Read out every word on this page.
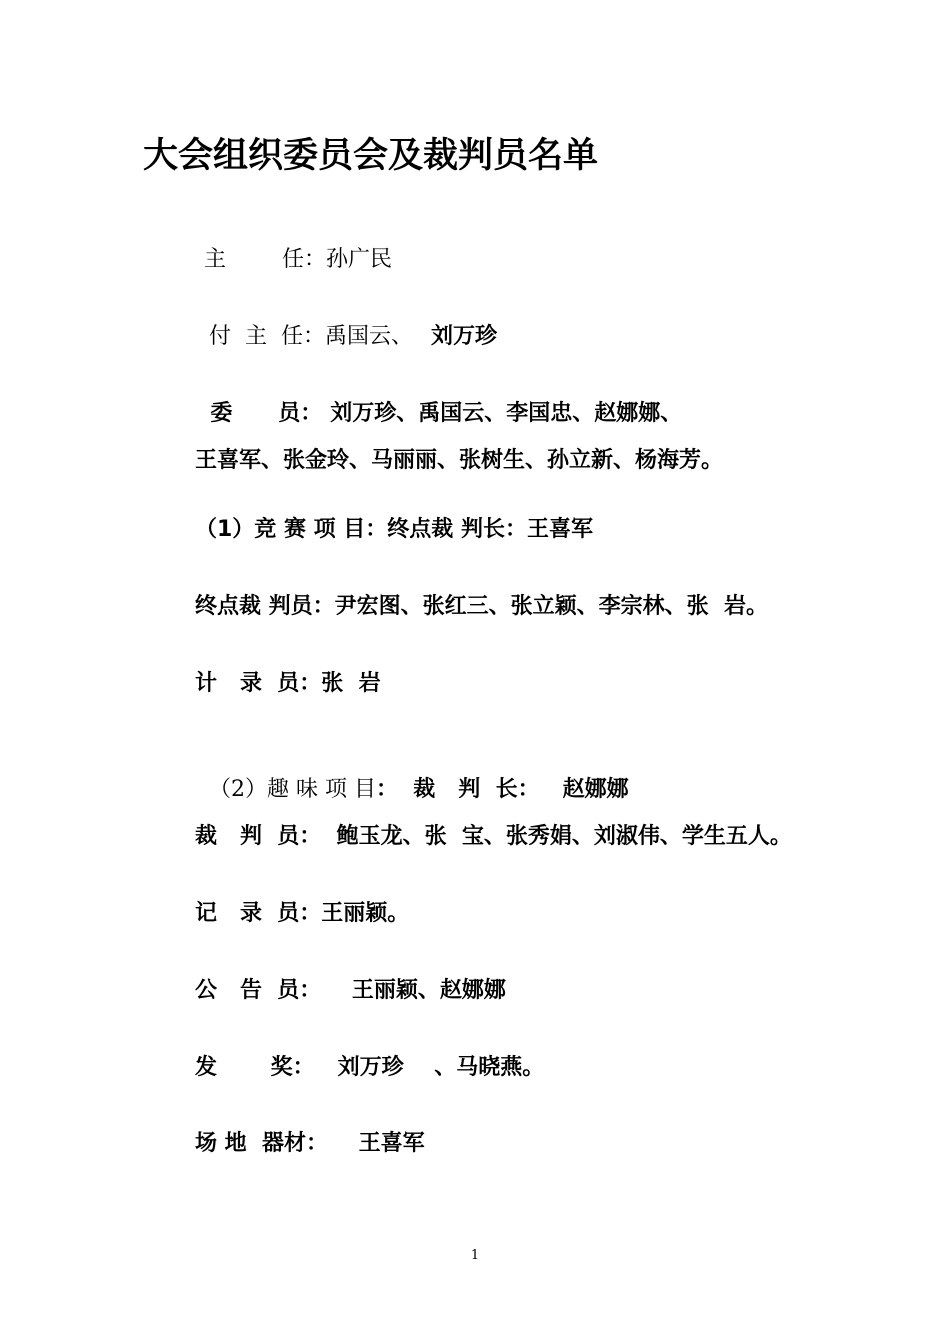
大会组织委员会及裁判员名单

主        任：孙广民

付  主  任：禹国云、 刘万珍

委      员： 刘万珍、禹国云、李国忠、赵娜娜、

王喜军、张金玲、马丽丽、张树生、孙立新、杨海芳。
（1）竞 赛 项 目：终点裁 判长：王喜军
终点裁 判员：尹宏图、张红三、张立颖、李宗林、张  岩。
计   录  员：张  岩

（2）趣 味 项 目：  裁   判  长：   赵娜娜

裁   判  员：  鲍玉龙、张  宝、张秀娟、刘淑伟、学生五人。
记   录  员：王丽颖。
公   告  员：    王丽颖、赵娜娜
发       奖：   刘万珍    、马晓燕。
场 地  器材：    王喜军
1
